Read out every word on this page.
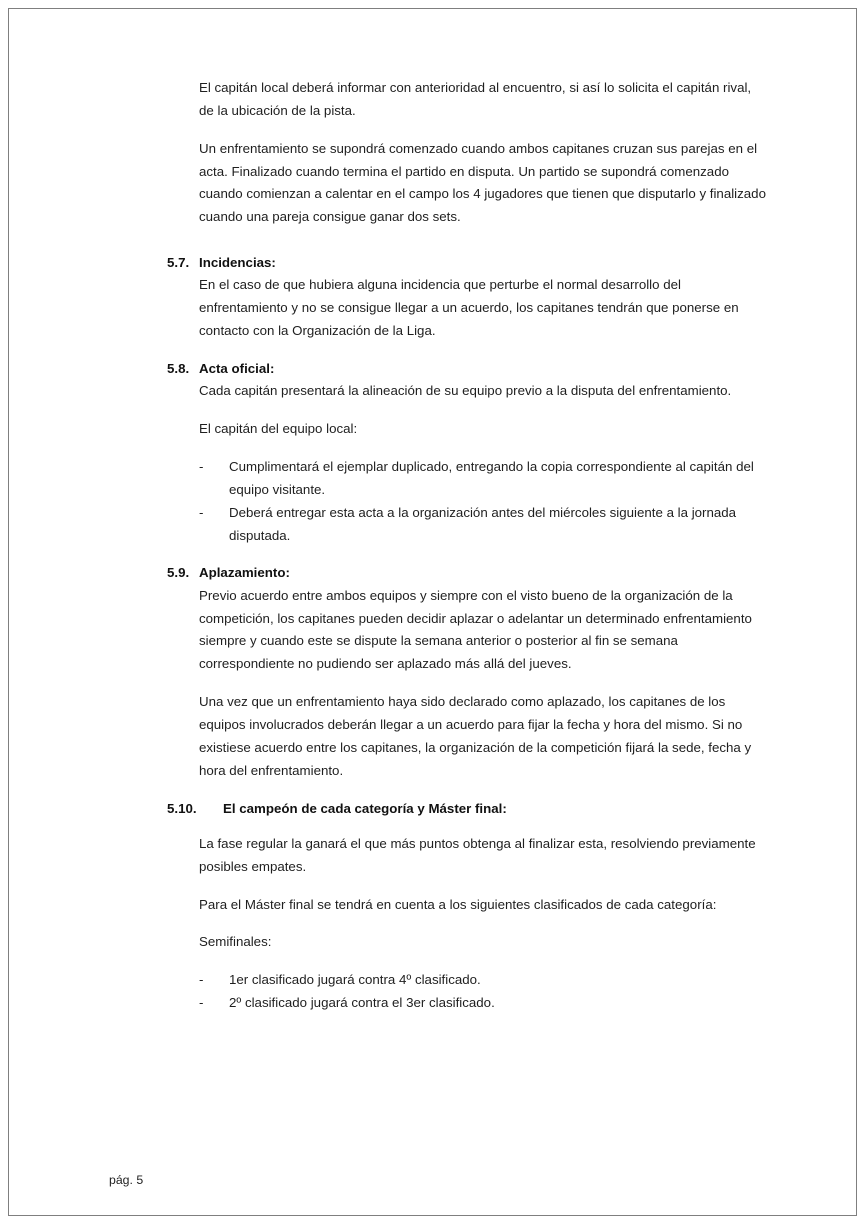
El capitán local deberá informar con anterioridad al encuentro, si así lo solicita el capitán rival, de la ubicación de la pista.

Un enfrentamiento se supondrá comenzado cuando ambos capitanes cruzan sus parejas en el acta. Finalizado cuando termina el partido en disputa. Un partido se supondrá comenzado cuando comienzan a calentar en el campo los 4 jugadores que tienen que disputarlo y finalizado cuando una pareja consigue ganar dos sets.

5.7. Incidencias:

En el caso de que hubiera alguna incidencia que perturbe el normal desarrollo del enfrentamiento y no se consigue llegar a un acuerdo, los capitanes tendrán que ponerse en contacto con la Organización de la Liga.

5.8. Acta oficial:

Cada capitán presentará la alineación de su equipo previo a la disputa del enfrentamiento.

El capitán del equipo local:

-	Cumplimentará el ejemplar duplicado, entregando la copia correspondiente al capitán del equipo visitante.
-	Deberá entregar esta acta a la organización antes del miércoles siguiente a la jornada disputada.
5.9. Aplazamiento:

Previo acuerdo entre ambos equipos y siempre con el visto bueno de la organización de la competición, los capitanes pueden decidir aplazar o adelantar un determinado enfrentamiento siempre y cuando este se dispute la semana anterior o posterior al fin se semana correspondiente no pudiendo ser aplazado más allá del jueves.

Una vez que un enfrentamiento haya sido declarado como aplazado, los capitanes de los equipos involucrados deberán llegar a un acuerdo para fijar la fecha y hora del mismo. Si no existiese acuerdo entre los capitanes, la organización de la competición fijará la sede, fecha y hora del enfrentamiento.

5.10.	El campeón de cada categoría y Máster final:

La fase regular la ganará el que más puntos obtenga al finalizar esta, resolviendo previamente posibles empates.

Para el Máster final se tendrá en cuenta a los siguientes clasificados de cada categoría:

Semifinales:

-	1er clasificado jugará contra 4º clasificado.
-	2º clasificado jugará contra el 3er clasificado.
pág. 5
